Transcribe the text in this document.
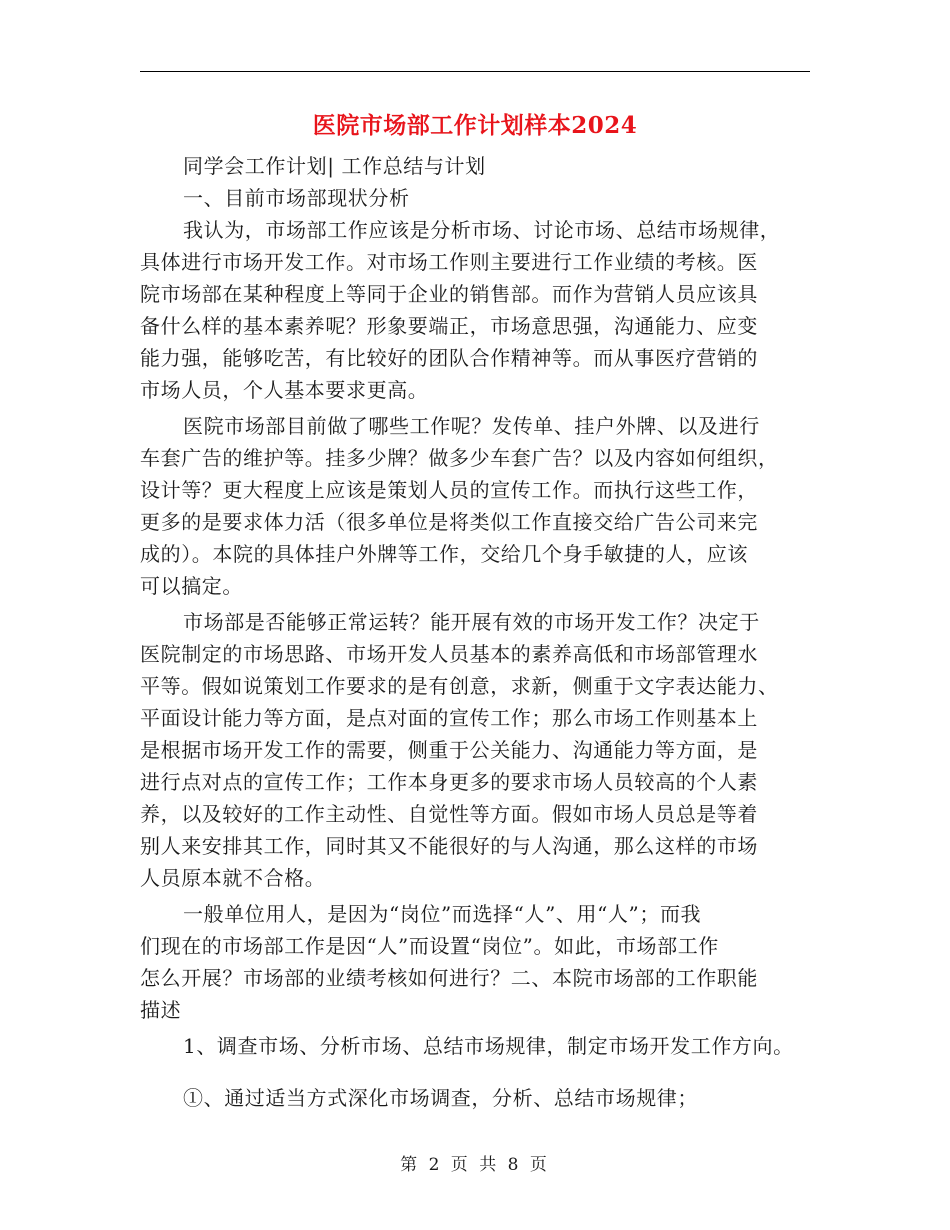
医院市场部工作计划样本2024
同学会工作计划| 工作总结与计划
一、目前市场部现状分析
我认为，市场部工作应该是分析市场、讨论市场、总结市场规律，
具体进行市场开发工作。对市场工作则主要进行工作业绩的考核。医
院市场部在某种程度上等同于企业的销售部。而作为营销人员应该具
备什么样的基本素养呢？形象要端正，市场意思强，沟通能力、应变
能力强，能够吃苦，有比较好的团队合作精神等。而从事医疗营销的
市场人员，个人基本要求更高。
医院市场部目前做了哪些工作呢？发传单、挂户外牌、以及进行
车套广告的维护等。挂多少牌？做多少车套广告？以及内容如何组织，
设计等？更大程度上应该是策划人员的宣传工作。而执行这些工作，
更多的是要求体力活（很多单位是将类似工作直接交给广告公司来完
成的）。本院的具体挂户外牌等工作，交给几个身手敏捷的人，应该
可以搞定。
市场部是否能够正常运转？能开展有效的市场开发工作？决定于
医院制定的市场思路、市场开发人员基本的素养高低和市场部管理水
平等。假如说策划工作要求的是有创意，求新，侧重于文字表达能力、
平面设计能力等方面，是点对面的宣传工作；那么市场工作则基本上
是根据市场开发工作的需要，侧重于公关能力、沟通能力等方面，是
进行点对点的宣传工作；工作本身更多的要求市场人员较高的个人素
养，以及较好的工作主动性、自觉性等方面。假如市场人员总是等着
别人来安排其工作，同时其又不能很好的与人沟通，那么这样的市场
人员原本就不合格。
一般单位用人，是因为“岗位”而选择“人”、用“人”；而我
们现在的市场部工作是因“人”而设置“岗位”。如此，市场部工作
怎么开展？市场部的业绩考核如何进行？二、本院市场部的工作职能
描述
1、调查市场、分析市场、总结市场规律，制定市场开发工作方向。
①、通过适当方式深化市场调查，分析、总结市场规律；
第 2 页 共 8 页
